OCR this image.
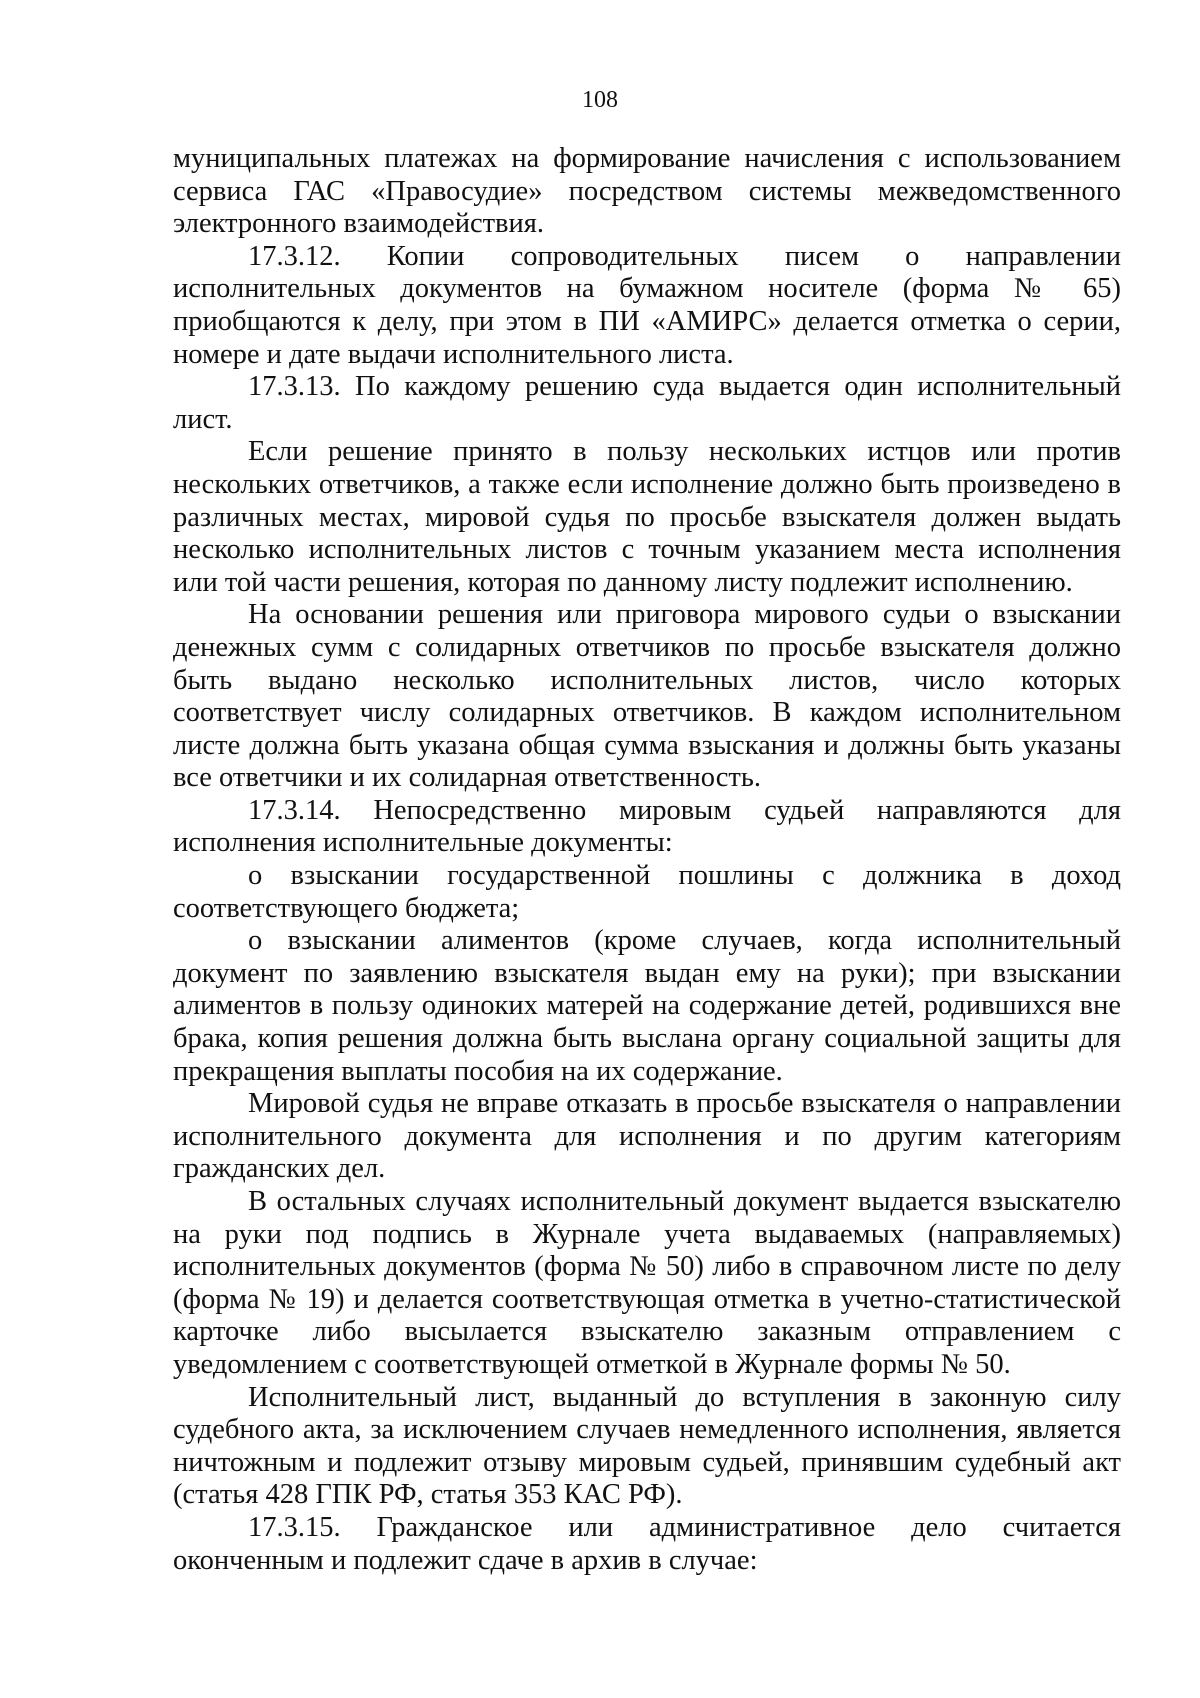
108

муниципальных платежах на формирование начисления с использованием сервиса ГАС «Правосудие» посредством системы межведомственного электронного взаимодействия.

17.3.12. Копии сопроводительных писем о направлении исполнительных документов на бумажном носителе (форма № 65) приобщаются к делу, при этом в ПИ «АМИРС» делается отметка о серии, номере и дате выдачи исполнительного листа.

17.3.13. По каждому решению суда выдается один исполнительный лист.

Если решение принято в пользу нескольких истцов или против нескольких ответчиков, а также если исполнение должно быть произведено в различных местах, мировой судья по просьбе взыскателя должен выдать несколько исполнительных листов с точным указанием места исполнения или той части решения, которая по данному листу подлежит исполнению.

На основании решения или приговора мирового судьи о взыскании денежных сумм с солидарных ответчиков по просьбе взыскателя должно быть выдано несколько исполнительных листов, число которых соответствует числу солидарных ответчиков. В каждом исполнительном листе должна быть указана общая сумма взыскания и должны быть указаны все ответчики и их солидарная ответственность.

17.3.14. Непосредственно мировым судьей направляются для исполнения исполнительные документы:

о взыскании государственной пошлины с должника в доход соответствующего бюджета;

о взыскании алиментов (кроме случаев, когда исполнительный документ по заявлению взыскателя выдан ему на руки); при взыскании алиментов в пользу одиноких матерей на содержание детей, родившихся вне брака, копия решения должна быть выслана органу социальной защиты для прекращения выплаты пособия на их содержание.

Мировой судья не вправе отказать в просьбе взыскателя о направлении исполнительного документа для исполнения и по другим категориям гражданских дел.

В остальных случаях исполнительный документ выдается взыскателю на руки под подпись в Журнале учета выдаваемых (направляемых) исполнительных документов (форма № 50) либо в справочном листе по делу (форма № 19) и делается соответствующая отметка в учетно-статистической карточке либо высылается взыскателю заказным отправлением с уведомлением с соответствующей отметкой в Журнале формы № 50.

Исполнительный лист, выданный до вступления в законную силу судебного акта, за исключением случаев немедленного исполнения, является ничтожным и подлежит отзыву мировым судьей, принявшим судебный акт (статья 428 ГПК РФ, статья 353 КАС РФ).

17.3.15. Гражданское или административное дело считается оконченным и подлежит сдаче в архив в случае:
